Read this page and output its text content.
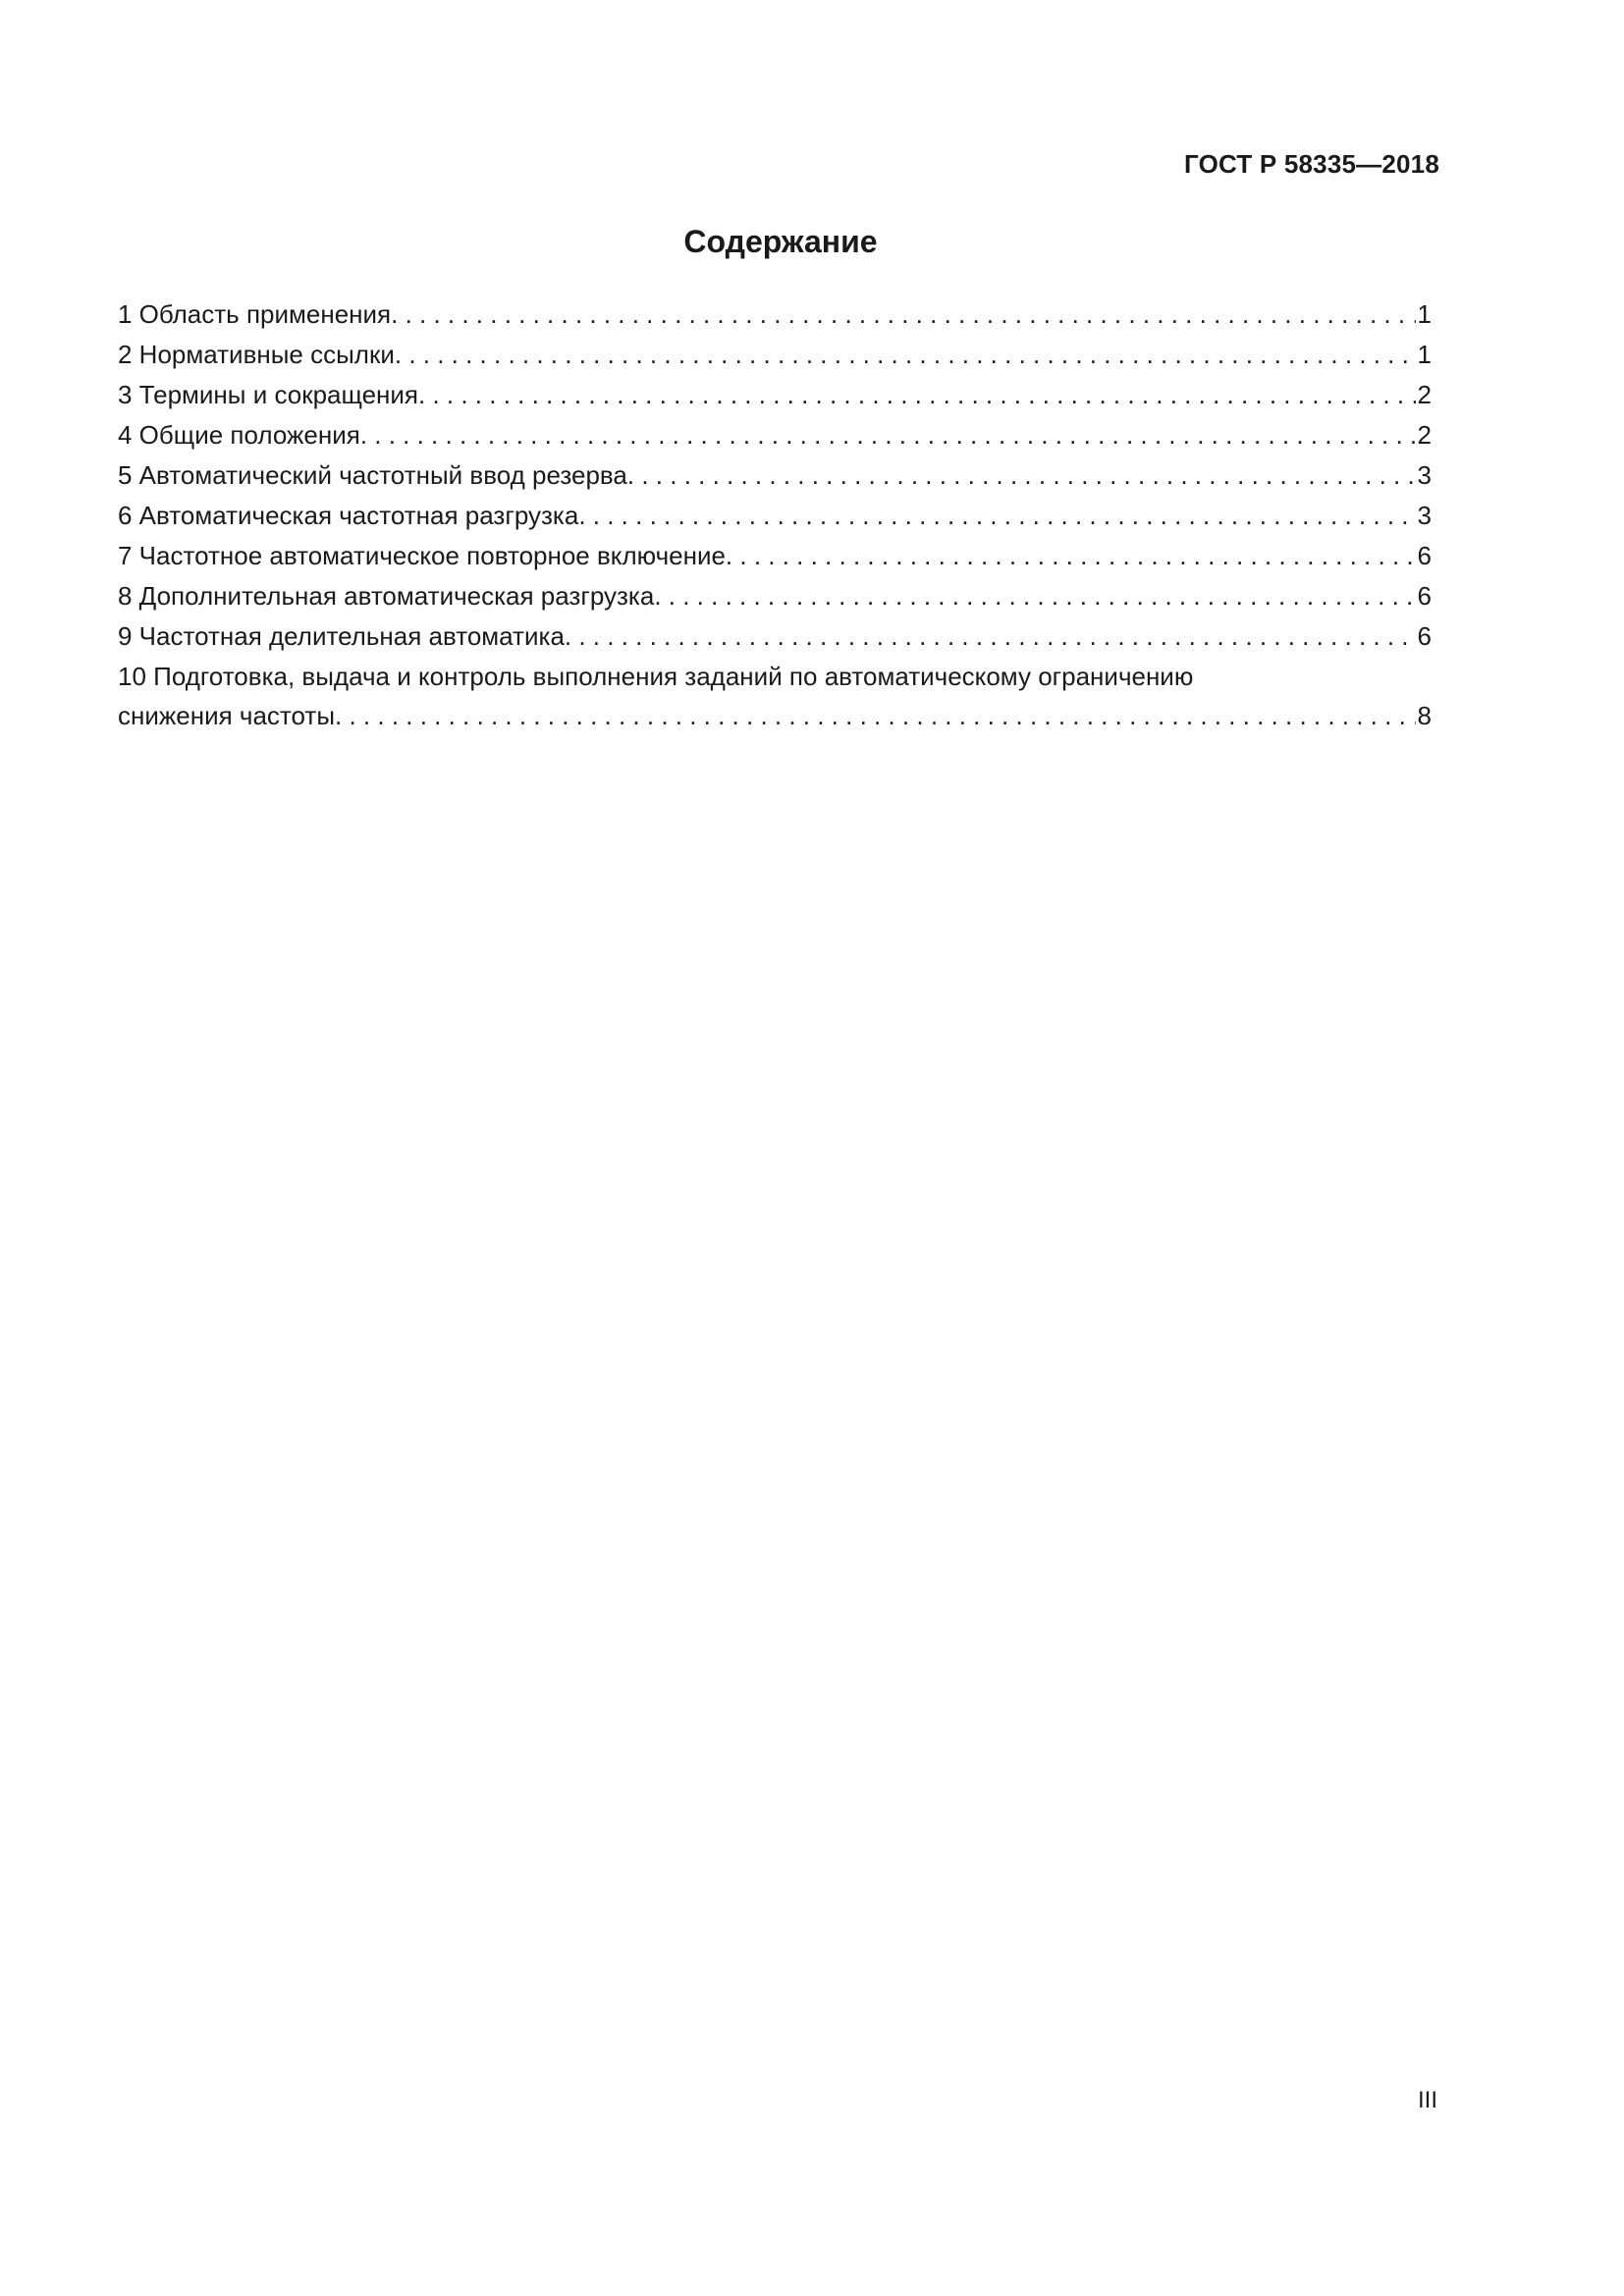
ГОСТ Р 58335—2018
Содержание
1 Область применения . . .	1
2 Нормативные ссылки . . .	1
3 Термины и сокращения . . .	2
4 Общие положения . . .	2
5 Автоматический частотный ввод резерва . . .	3
6 Автоматическая частотная разгрузка . . .	3
7 Частотное автоматическое повторное включение . . .	6
8 Дополнительная автоматическая разгрузка . . .	6
9 Частотная делительная автоматика . . .	6
10 Подготовка, выдача и контроль выполнения заданий по автоматическому ограничению
снижения частоты . . .	8
III
